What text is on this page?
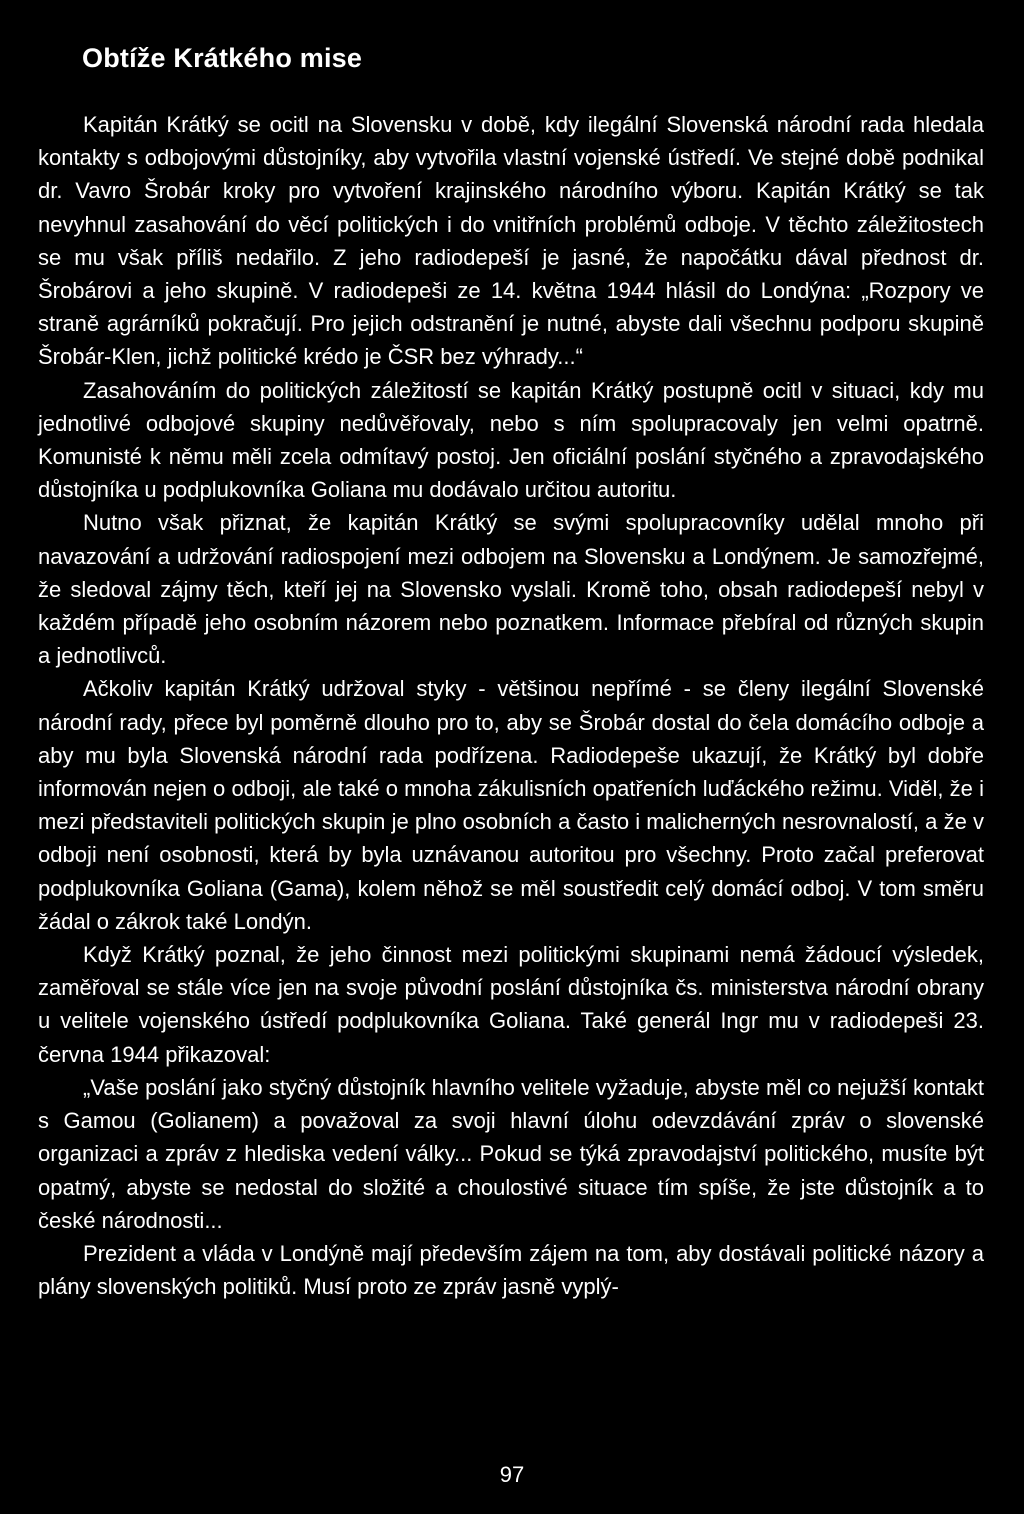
Obtíže Krátkého mise

Kapitán Krátký se ocitl na Slovensku v době, kdy ilegální Slovenská národní rada hledala kontakty s odbojovými důstojníky, aby vytvořila vlastní vojenské ústředí. Ve stejné době podnikal dr. Vavro Šrobár kroky pro vytvoření krajinského národního výboru. Kapitán Krátký se tak nevyhnul zasahování do věcí politických i do vnitřních problémů odboje. V těchto záležitostech se mu však příliš nedařilo. Z jeho radiodepeší je jasné, že napočátku dával přednost dr. Šrobárovi a jeho skupině. V radiodepeši ze 14. května 1944 hlásil do Londýna: „Rozpory ve straně agrárníků pokračují. Pro jejich odstranění je nutné, abyste dali všechnu podporu skupině Šrobár-Klen, jichž politické krédo je ČSR bez výhrady...“

Zasahováním do politických záležitostí se kapitán Krátký postupně ocitl v situaci, kdy mu jednotlivé odbojové skupiny nedůvěřovaly, nebo s ním spolupracovaly jen velmi opatrně. Komunisté k němu měli zcela odmítavý postoj. Jen oficiální poslání styčného a zpravodajského důstojníka u podplukovníka Goliana mu dodávalo určitou autoritu.

Nutno však přiznat, že kapitán Krátký se svými spolupracovníky udělal mnoho při navazování a udržování radiospojení mezi odbojem na Slovensku a Londýnem. Je samozřejmé, že sledoval zájmy těch, kteří jej na Slovensko vyslali. Kromě toho, obsah radiodepeší nebyl v každém případě jeho osobním názorem nebo poznatkem. Informace přebíral od různých skupin a jednotlivců.

Ačkoliv kapitán Krátký udržoval styky - většinou nepřímé - se členy ilegální Slovenské národní rady, přece byl poměrně dlouho pro to, aby se Šrobár dostal do čela domácího odboje a aby mu byla Slovenská národní rada podřízena. Radiodepeše ukazují, že Krátký byl dobře informován nejen o odboji, ale také o mnoha zákulisních opatřeních luďáckého režimu. Viděl, že i mezi představiteli politických skupin je plno osobních a často i malicherných nesrovnalostí, a že v odboji není osobnosti, která by byla uznávanou autoritou pro všechny. Proto začal preferovat podplukovníka Goliana (Gama), kolem něhož se měl soustředit celý domácí odboj. V tom směru žádal o zákrok také Londýn.

Když Krátký poznal, že jeho činnost mezi politickými skupinami nemá žádoucí výsledek, zaměřoval se stále více jen na svoje původní poslání důstojníka čs. ministerstva národní obrany u velitele vojenského ústředí podplukovníka Goliana. Také generál Ingr mu v radiodepeši 23. června 1944 přikazoval:

„Vaše poslání jako styčný důstojník hlavního velitele vyžaduje, abyste měl co nejužší kontakt s Gamou (Golianem) a považoval za svoji hlavní úlohu odevzdávání zpráv o slovenské organizaci a zpráv z hlediska vedení války... Pokud se týká zpravodajství politického, musíte být opatmý, abyste se nedostal do složité a choulostivé situace tím spíše, že jste důstojník a to české národnosti...

Prezident a vláda v Londýně mají především zájem na tom, aby dostávali politické názory a plány slovenských politiků. Musí proto ze zpráv jasně vyplý-

97
